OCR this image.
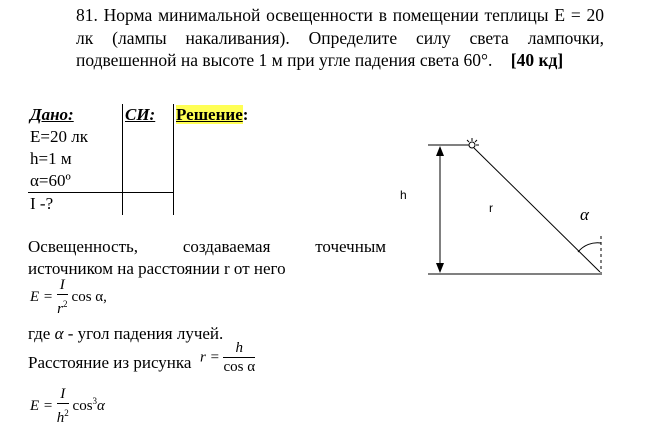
81. Норма минимальной освещенности в помещении теплицы Е = 20 лк (лампы накаливания). Определите силу света лампочки, подвешенной на высоте 1 м при угле падения света 60°. [40 кд]
Дано:	СИ:	Решение:
Е=20 лк		
h=1 м		
α=60º		
I -?		
Освещенность, создаваемая точечным
источником на расстоянии r от него
$E = \frac{I}{r^2}$ cos α,
где α - угол падения лучей.
Расстояние из рисунка $r = \frac{h}{\text{cos α}}$
$E = \frac{I}{h^2} \cos^3\alpha$
h
r	α
